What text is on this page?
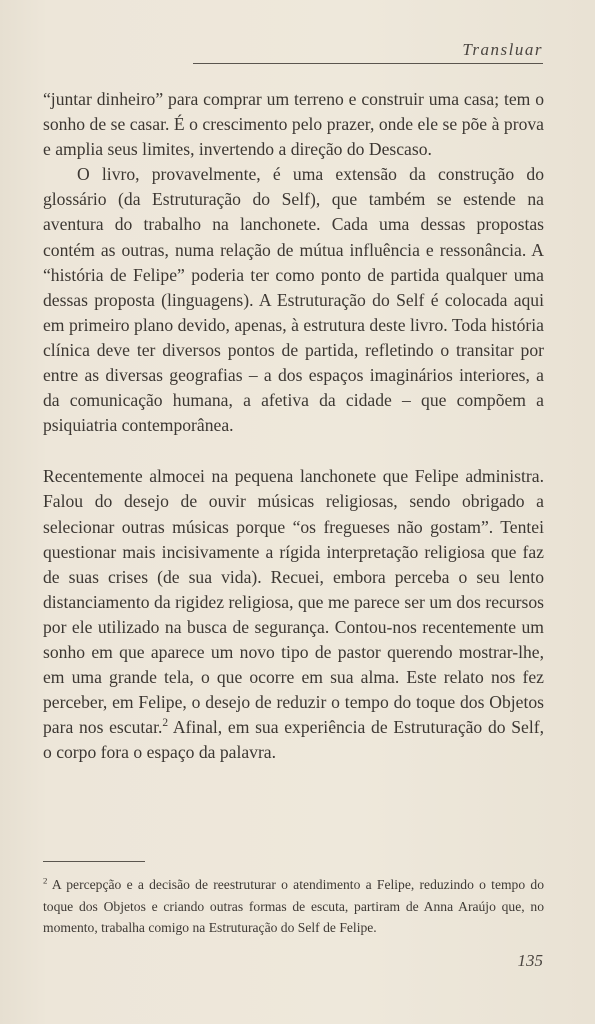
Transluar

“juntar dinheiro” para comprar um terreno e construir uma casa; tem o sonho de se casar. É o crescimento pelo prazer, onde ele se põe à prova e amplia seus limites, invertendo a direção do Descaso.

O livro, provavelmente, é uma extensão da construção do glossário (da Estruturação do Self), que também se estende na aventura do trabalho na lanchonete. Cada uma dessas propostas contém as outras, numa relação de mútua influência e ressonância. A “história de Felipe” poderia ter como ponto de partida qualquer uma dessas proposta (linguagens). A Estruturação do Self é colocada aqui em primeiro plano devido, apenas, à estrutura deste livro. Toda história clínica deve ter diversos pontos de partida, refletindo o transitar por entre as diversas geografias – a dos espaços imaginários interiores, a da comunicação humana, a afetiva da cidade – que compõem a psiquiatria contemporânea.

Recentemente almocei na pequena lanchonete que Felipe administra. Falou do desejo de ouvir músicas religiosas, sendo obrigado a selecionar outras músicas porque “os fregueses não gostam”. Tentei questionar mais incisivamente a rígida interpretação religiosa que faz de suas crises (de sua vida). Recuei, embora perceba o seu lento distanciamento da rigidez religiosa, que me parece ser um dos recursos por ele utilizado na busca de segurança. Contou-nos recentemente um sonho em que aparece um novo tipo de pastor querendo mostrar-lhe, em uma grande tela, o que ocorre em sua alma. Este relato nos fez perceber, em Felipe, o desejo de reduzir o tempo do toque dos Objetos para nos escutar.$^2$ Afinal, em sua experiência de Estruturação do Self, o corpo fora o espaço da palavra.

$^2$ A percepção e a decisão de reestruturar o atendimento a Felipe, reduzindo o tempo do toque dos Objetos e criando outras formas de escuta, partiram de Anna Araújo que, no momento, trabalha comigo na Estruturação do Self de Felipe.
135
